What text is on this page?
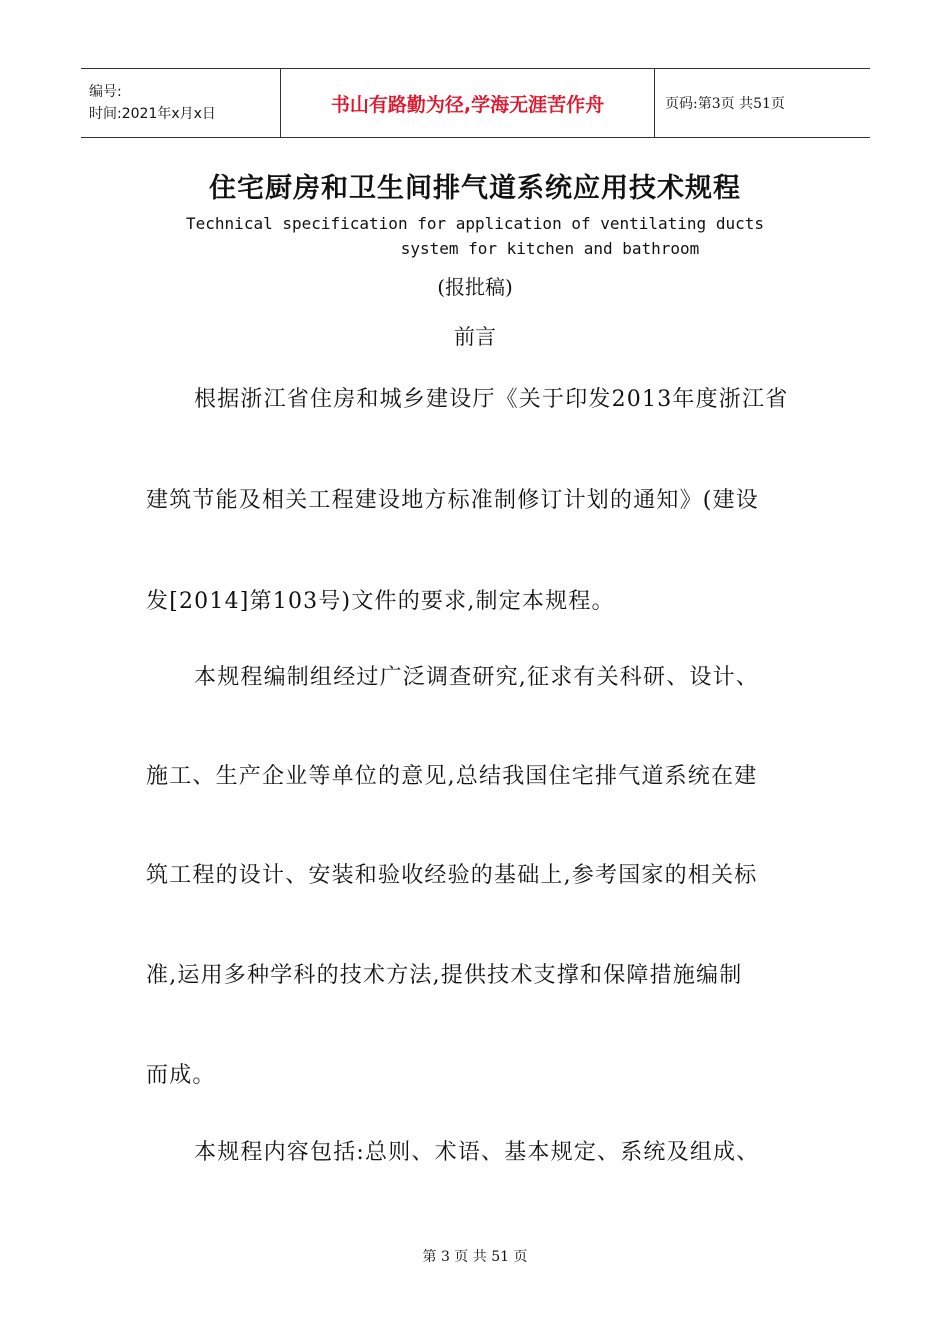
编号:
时间:2021年x月x日	书山有路勤为径,学海无涯苦作舟	页码:第3页 共51页
住宅厨房和卫生间排气道系统应用技术规程
Technical specification for application of ventilating ducts
system for kitchen and bathroom
(报批稿)
前言
根据浙江省住房和城乡建设厅《关于印发2013年度浙江省
建筑节能及相关工程建设地方标准制修订计划的通知》(建设
发[2014]第103号)文件的要求,制定本规程。
本规程编制组经过广泛调查研究,征求有关科研、设计、
施工、生产企业等单位的意见,总结我国住宅排气道系统在建
筑工程的设计、安装和验收经验的基础上,参考国家的相关标
准,运用多种学科的技术方法,提供技术支撑和保障措施编制
而成。
本规程内容包括:总则、术语、基本规定、系统及组成、
第 3 页 共 51 页
